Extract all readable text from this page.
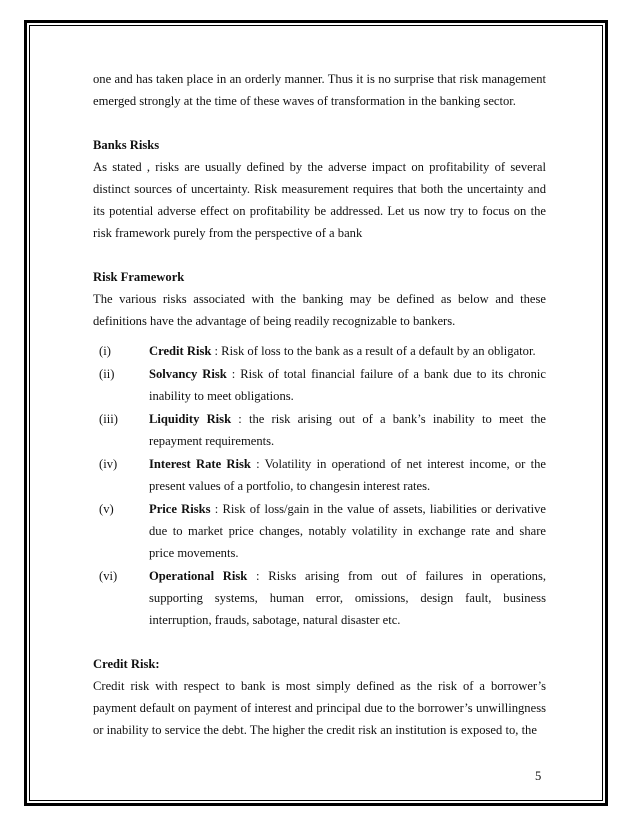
one and has taken place in an orderly manner. Thus it is no surprise that risk management emerged strongly at the time of these waves of transformation in the banking sector.

Banks Risks

As stated , risks are usually defined by the adverse impact on profitability of several distinct sources of uncertainty. Risk measurement requires that both the uncertainty and its potential adverse effect on profitability be addressed. Let us now try to focus on the risk framework purely from the perspective of a bank

Risk Framework

The various risks associated with the banking may be defined as below and these definitions have the advantage of being readily recognizable to bankers.

(i)	Credit Risk : Risk of loss to the bank as a result of a default by an obligator.

(ii)	Solvancy Risk : Risk of total financial failure of a bank due to its chronic inability to meet obligations.

(iii) Liquidity Risk : the risk arising out of a bank’s inability to meet the repayment requirements.

(iv)	Interest Rate Risk : Volatility in operationd of net interest income, or the present values of a portfolio, to changesin interest rates.

(v)	Price Risks : Risk of loss/gain in the value of assets, liabilities or derivative due to market price changes, notably volatility in exchange rate and share price movements.

(vi)	Operational Risk : Risks arising from out of failures in operations, supporting systems, human error, omissions, design fault, business interruption, frauds, sabotage, natural disaster etc.

Credit Risk:

Credit risk with respect to bank is most simply defined as the risk of a borrower’s payment default on payment of interest and principal due to the borrower’s unwillingness or inability to service the debt. The higher the credit risk an institution is exposed to, the

5
